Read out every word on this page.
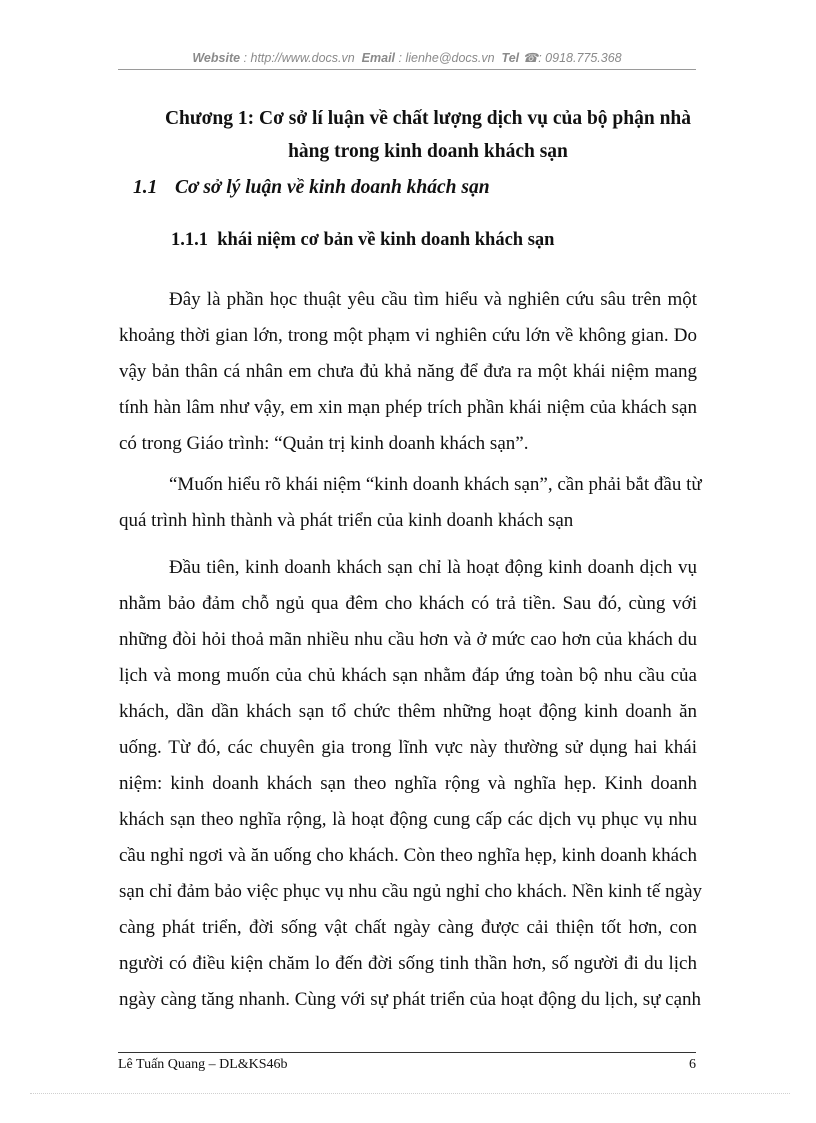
Website : http://www.docs.vn Email : lienhe@docs.vn Tel ☎: 0918.775.368
Chương 1: Cơ sở lí luận về chất lượng dịch vụ của bộ phận nhà
hàng trong kinh doanh khách sạn
1.1 Cơ sở lý luận về kinh doanh khách sạn
1.1.1 khái niệm cơ bản về kinh doanh khách sạn
Đây là phần học thuật yêu cầu tìm hiểu và nghiên cứu sâu trên một
khoảng thời gian lớn, trong một phạm vi nghiên cứu lớn về không gian. Do
vậy bản thân cá nhân em chưa đủ khả năng để đưa ra một khái niệm mang
tính hàn lâm như vậy, em xin mạn phép trích phần khái niệm của khách sạn
có trong Giáo trình: “Quản trị kinh doanh khách sạn”.
“Muốn hiểu rõ khái niệm “kinh doanh khách sạn”, cần phải bắt đầu từ
quá trình hình thành và phát triển của kinh doanh khách sạn
Đầu tiên, kinh doanh khách sạn chỉ là hoạt động kinh doanh dịch vụ
nhằm bảo đảm chỗ ngủ qua đêm cho khách có trả tiền. Sau đó, cùng với
những đòi hỏi thoả mãn nhiều nhu cầu hơn và ở mức cao hơn của khách du
lịch và mong muốn của chủ khách sạn nhằm đáp ứng toàn bộ nhu cầu của
khách, dần dần khách sạn tổ chức thêm những hoạt động kinh doanh ăn
uống. Từ đó, các chuyên gia trong lĩnh vực này thường sử dụng hai khái
niệm: kinh doanh khách sạn theo nghĩa rộng và nghĩa hẹp. Kinh doanh
khách sạn theo nghĩa rộng, là hoạt động cung cấp các dịch vụ phục vụ nhu
cầu nghỉ ngơi và ăn uống cho khách. Còn theo nghĩa hẹp, kinh doanh khách
sạn chỉ đảm bảo việc phục vụ nhu cầu ngủ nghỉ cho khách. Nền kinh tế ngày
càng phát triển, đời sống vật chất ngày càng được cải thiện tốt hơn, con
người có điều kiện chăm lo đến đời sống tinh thần hơn, số người đi du lịch
ngày càng tăng nhanh. Cùng với sự phát triển của hoạt động du lịch, sự cạnh
Lê Tuấn Quang – DL&KS46b	6
